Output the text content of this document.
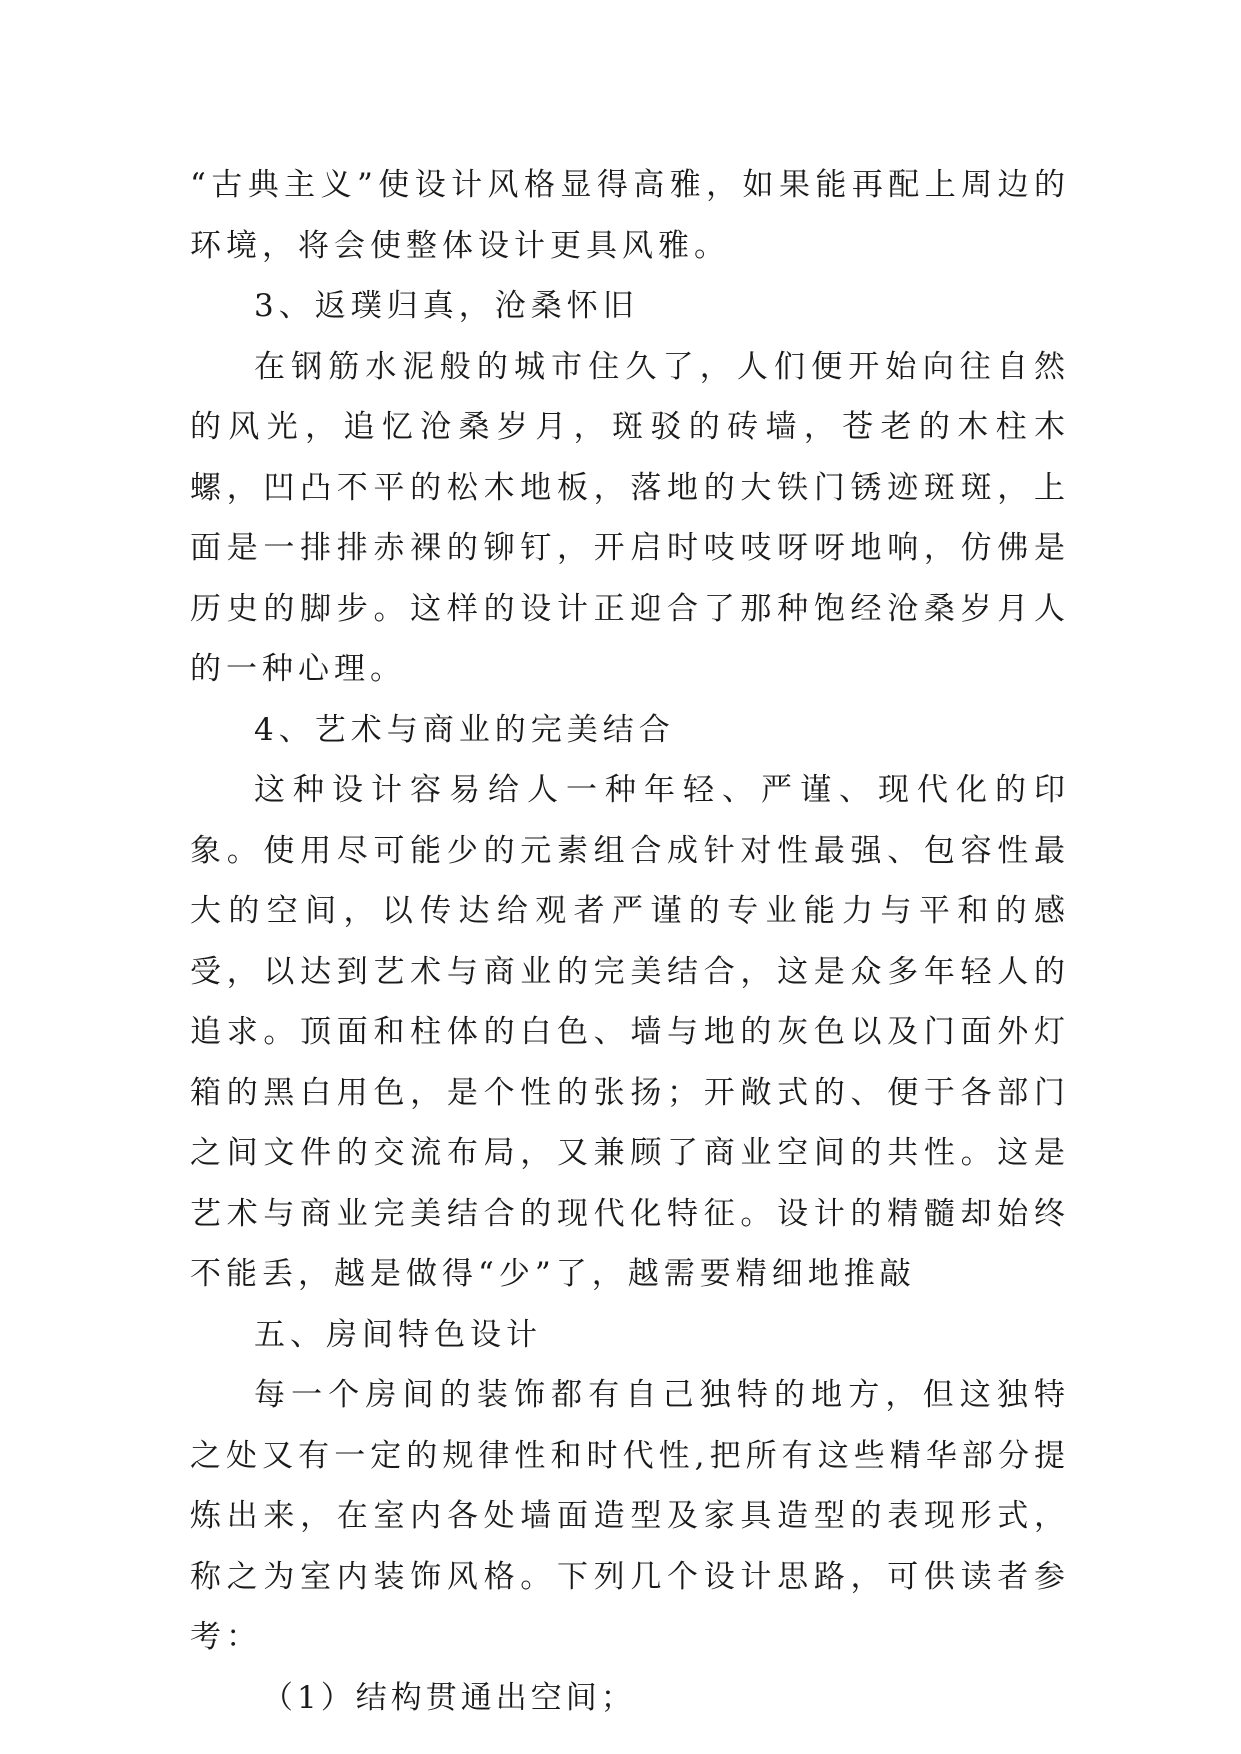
“古典主义”使设计风格显得高雅，如果能再配上周边的环境，将会使整体设计更具风雅。

3、返璞归真，沧桑怀旧

在钢筋水泥般的城市住久了，人们便开始向往自然的风光，追忆沧桑岁月，斑驳的砖墙，苍老的木柱木螺，凹凸不平的松木地板，落地的大铁门锈迹斑斑，上面是一排排赤裸的铆钉，开启时吱吱呀呀地响，仿佛是历史的脚步。这样的设计正迎合了那种饱经沧桑岁月人的一种心理。

4、艺术与商业的完美结合

这种设计容易给人一种年轻、严谨、现代化的印象。使用尽可能少的元素组合成针对性最强、包容性最大的空间，以传达给观者严谨的专业能力与平和的感受，以达到艺术与商业的完美结合，这是众多年轻人的追求。顶面和柱体的白色、墙与地的灰色以及门面外灯箱的黑白用色，是个性的张扬；开敞式的、便于各部门之间文件的交流布局，又兼顾了商业空间的共性。这是艺术与商业完美结合的现代化特征。设计的精髓却始终不能丢，越是做得“少”了，越需要精细地推敲

五、房间特色设计

每一个房间的装饰都有自己独特的地方，但这独特之处又有一定的规律性和时代性,把所有这些精华部分提炼出来，在室内各处墙面造型及家具造型的表现形式，称之为室内装饰风格。下列几个设计思路，可供读者参考：

（1）结构贯通出空间；
